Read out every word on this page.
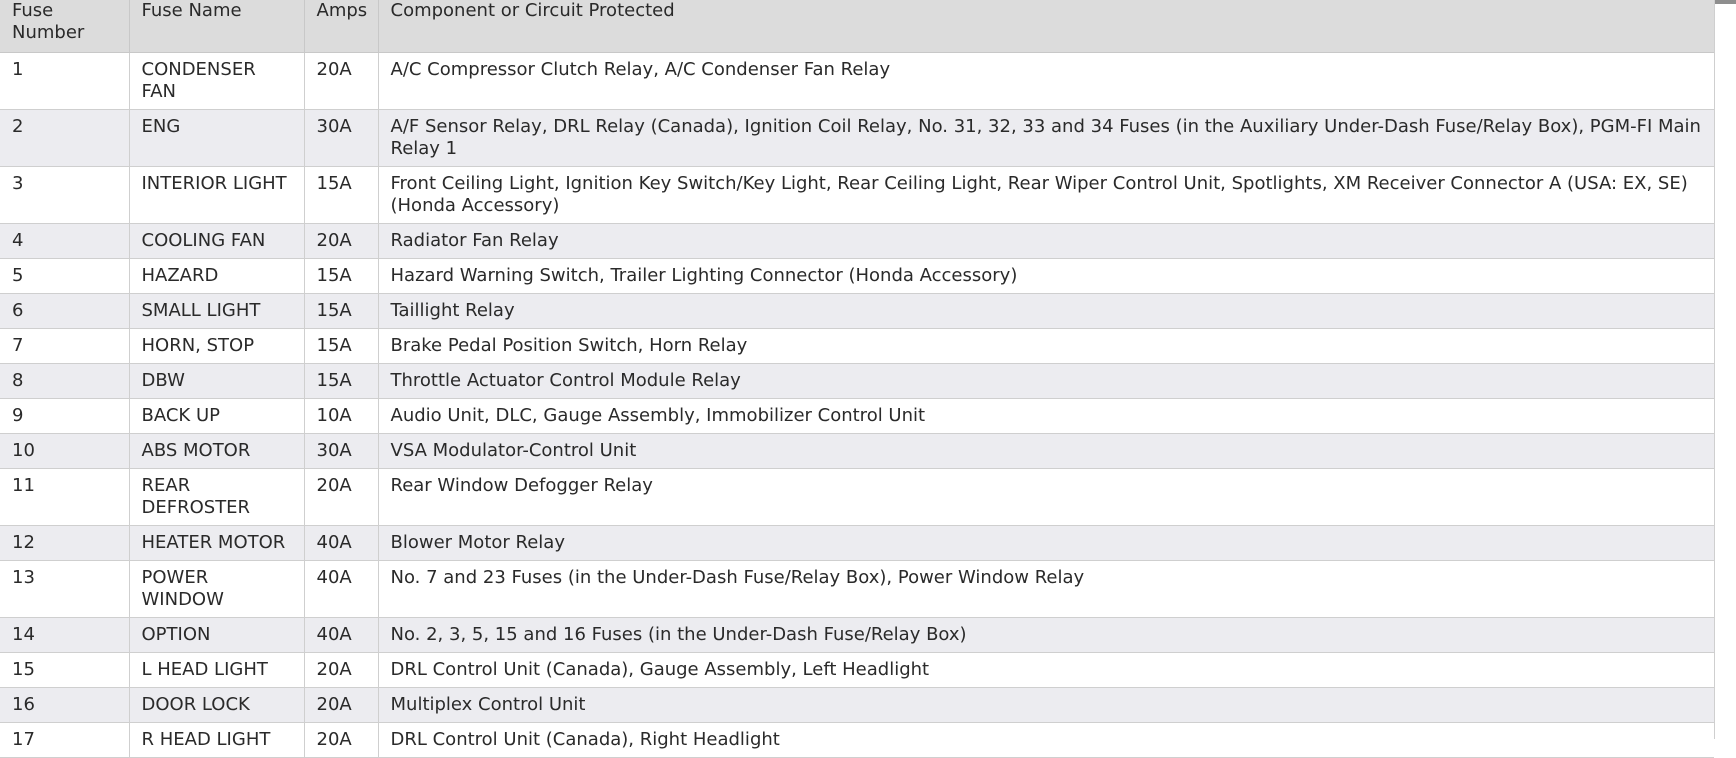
Fuse Number	Fuse Name	Amps	Component or Circuit Protected
1	CONDENSER FAN	20A	A/C Compressor Clutch Relay, A/C Condenser Fan Relay
2	ENG	30A	A/F Sensor Relay, DRL Relay (Canada), Ignition Coil Relay, No. 31, 32, 33 and 34 Fuses (in the Auxiliary Under-Dash Fuse/Relay Box), PGM-FI Main Relay 1
3	INTERIOR LIGHT	15A	Front Ceiling Light, Ignition Key Switch/Key Light, Rear Ceiling Light, Rear Wiper Control Unit, Spotlights, XM Receiver Connector A (USA: EX, SE) (Honda Accessory)
4	COOLING FAN	20A	Radiator Fan Relay
5	HAZARD	15A	Hazard Warning Switch, Trailer Lighting Connector (Honda Accessory)
6	SMALL LIGHT	15A	Taillight Relay
7	HORN, STOP	15A	Brake Pedal Position Switch, Horn Relay
8	DBW	15A	Throttle Actuator Control Module Relay
9	BACK UP	10A	Audio Unit, DLC, Gauge Assembly, Immobilizer Control Unit
10	ABS MOTOR	30A	VSA Modulator-Control Unit
11	REAR DEFROSTER	20A	Rear Window Defogger Relay
12	HEATER MOTOR	40A	Blower Motor Relay
13	POWER WINDOW	40A	No. 7 and 23 Fuses (in the Under-Dash Fuse/Relay Box), Power Window Relay
14	OPTION	40A	No. 2, 3, 5, 15 and 16 Fuses (in the Under-Dash Fuse/Relay Box)
15	L HEAD LIGHT	20A	DRL Control Unit (Canada), Gauge Assembly, Left Headlight
16	DOOR LOCK	20A	Multiplex Control Unit
17	R HEAD LIGHT	20A	DRL Control Unit (Canada), Right Headlight
